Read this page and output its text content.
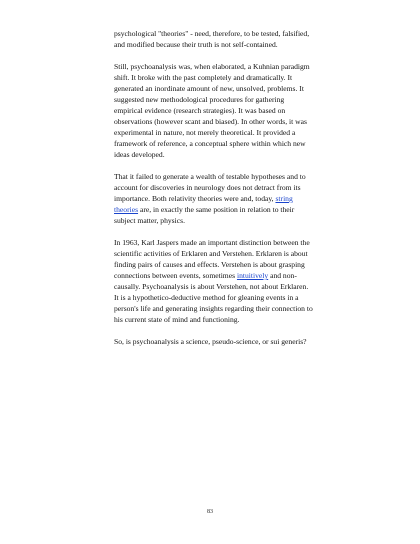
psychological "theories" - need, therefore, to be tested, falsified, and modified because their truth is not self-contained.

Still, psychoanalysis was, when elaborated, a Kuhnian paradigm shift. It broke with the past completely and dramatically. It generated an inordinate amount of new, unsolved, problems. It suggested new methodological procedures for gathering empirical evidence (research strategies). It was based on observations (however scant and biased). In other words, it was experimental in nature, not merely theoretical. It provided a framework of reference, a conceptual sphere within which new ideas developed.

That it failed to generate a wealth of testable hypotheses and to account for discoveries in neurology does not detract from its importance. Both relativity theories were and, today, string theories are, in exactly the same position in relation to their subject matter, physics.

In 1963, Karl Jaspers made an important distinction between the scientific activities of Erklaren and Verstehen. Erklaren is about finding pairs of causes and effects. Verstehen is about grasping connections between events, sometimes intuitively and non-causally. Psychoanalysis is about Verstehen, not about Erklaren. It is a hypothetico-deductive method for gleaning events in a person's life and generating insights regarding their connection to his current state of mind and functioning.

So, is psychoanalysis a science, pseudo-science, or sui generis?

83
